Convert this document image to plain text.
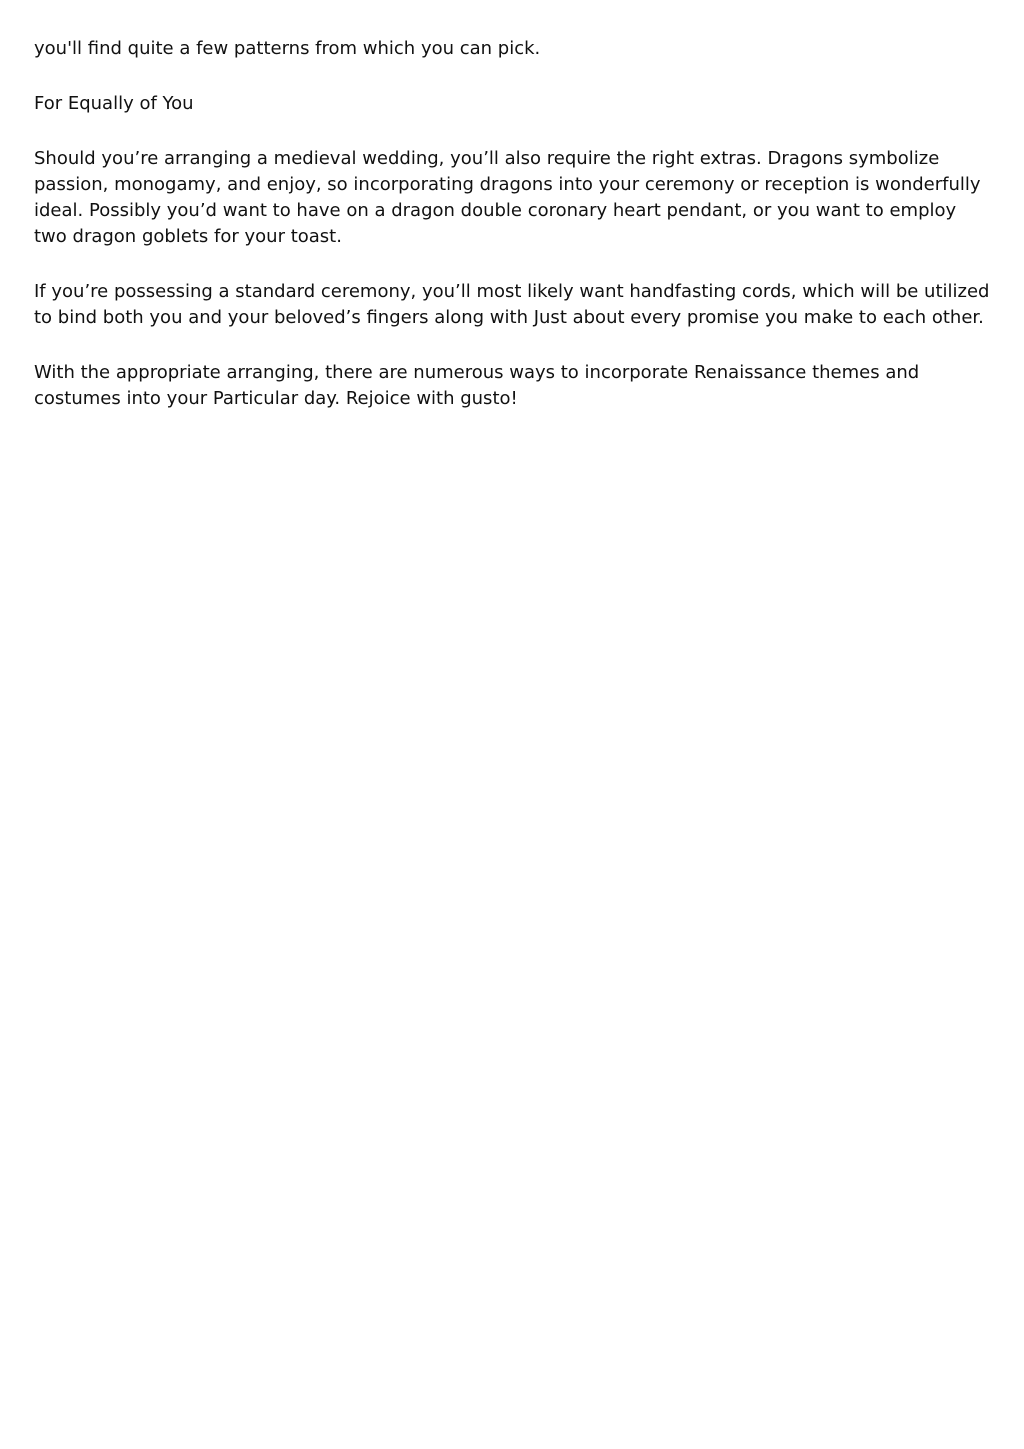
you'll find quite a few patterns from which you can pick.

For Equally of You

Should you’re arranging a medieval wedding, you’ll also require the right extras. Dragons symbolize passion, monogamy, and enjoy, so incorporating dragons into your ceremony or reception is wonderfully ideal. Possibly you’d want to have on a dragon double coronary heart pendant, or you want to employ two dragon goblets for your toast.

If you’re possessing a standard ceremony, you’ll most likely want handfasting cords, which will be utilized to bind both you and your beloved’s fingers along with Just about every promise you make to each other.

With the appropriate arranging, there are numerous ways to incorporate Renaissance themes and costumes into your Particular day. Rejoice with gusto!
